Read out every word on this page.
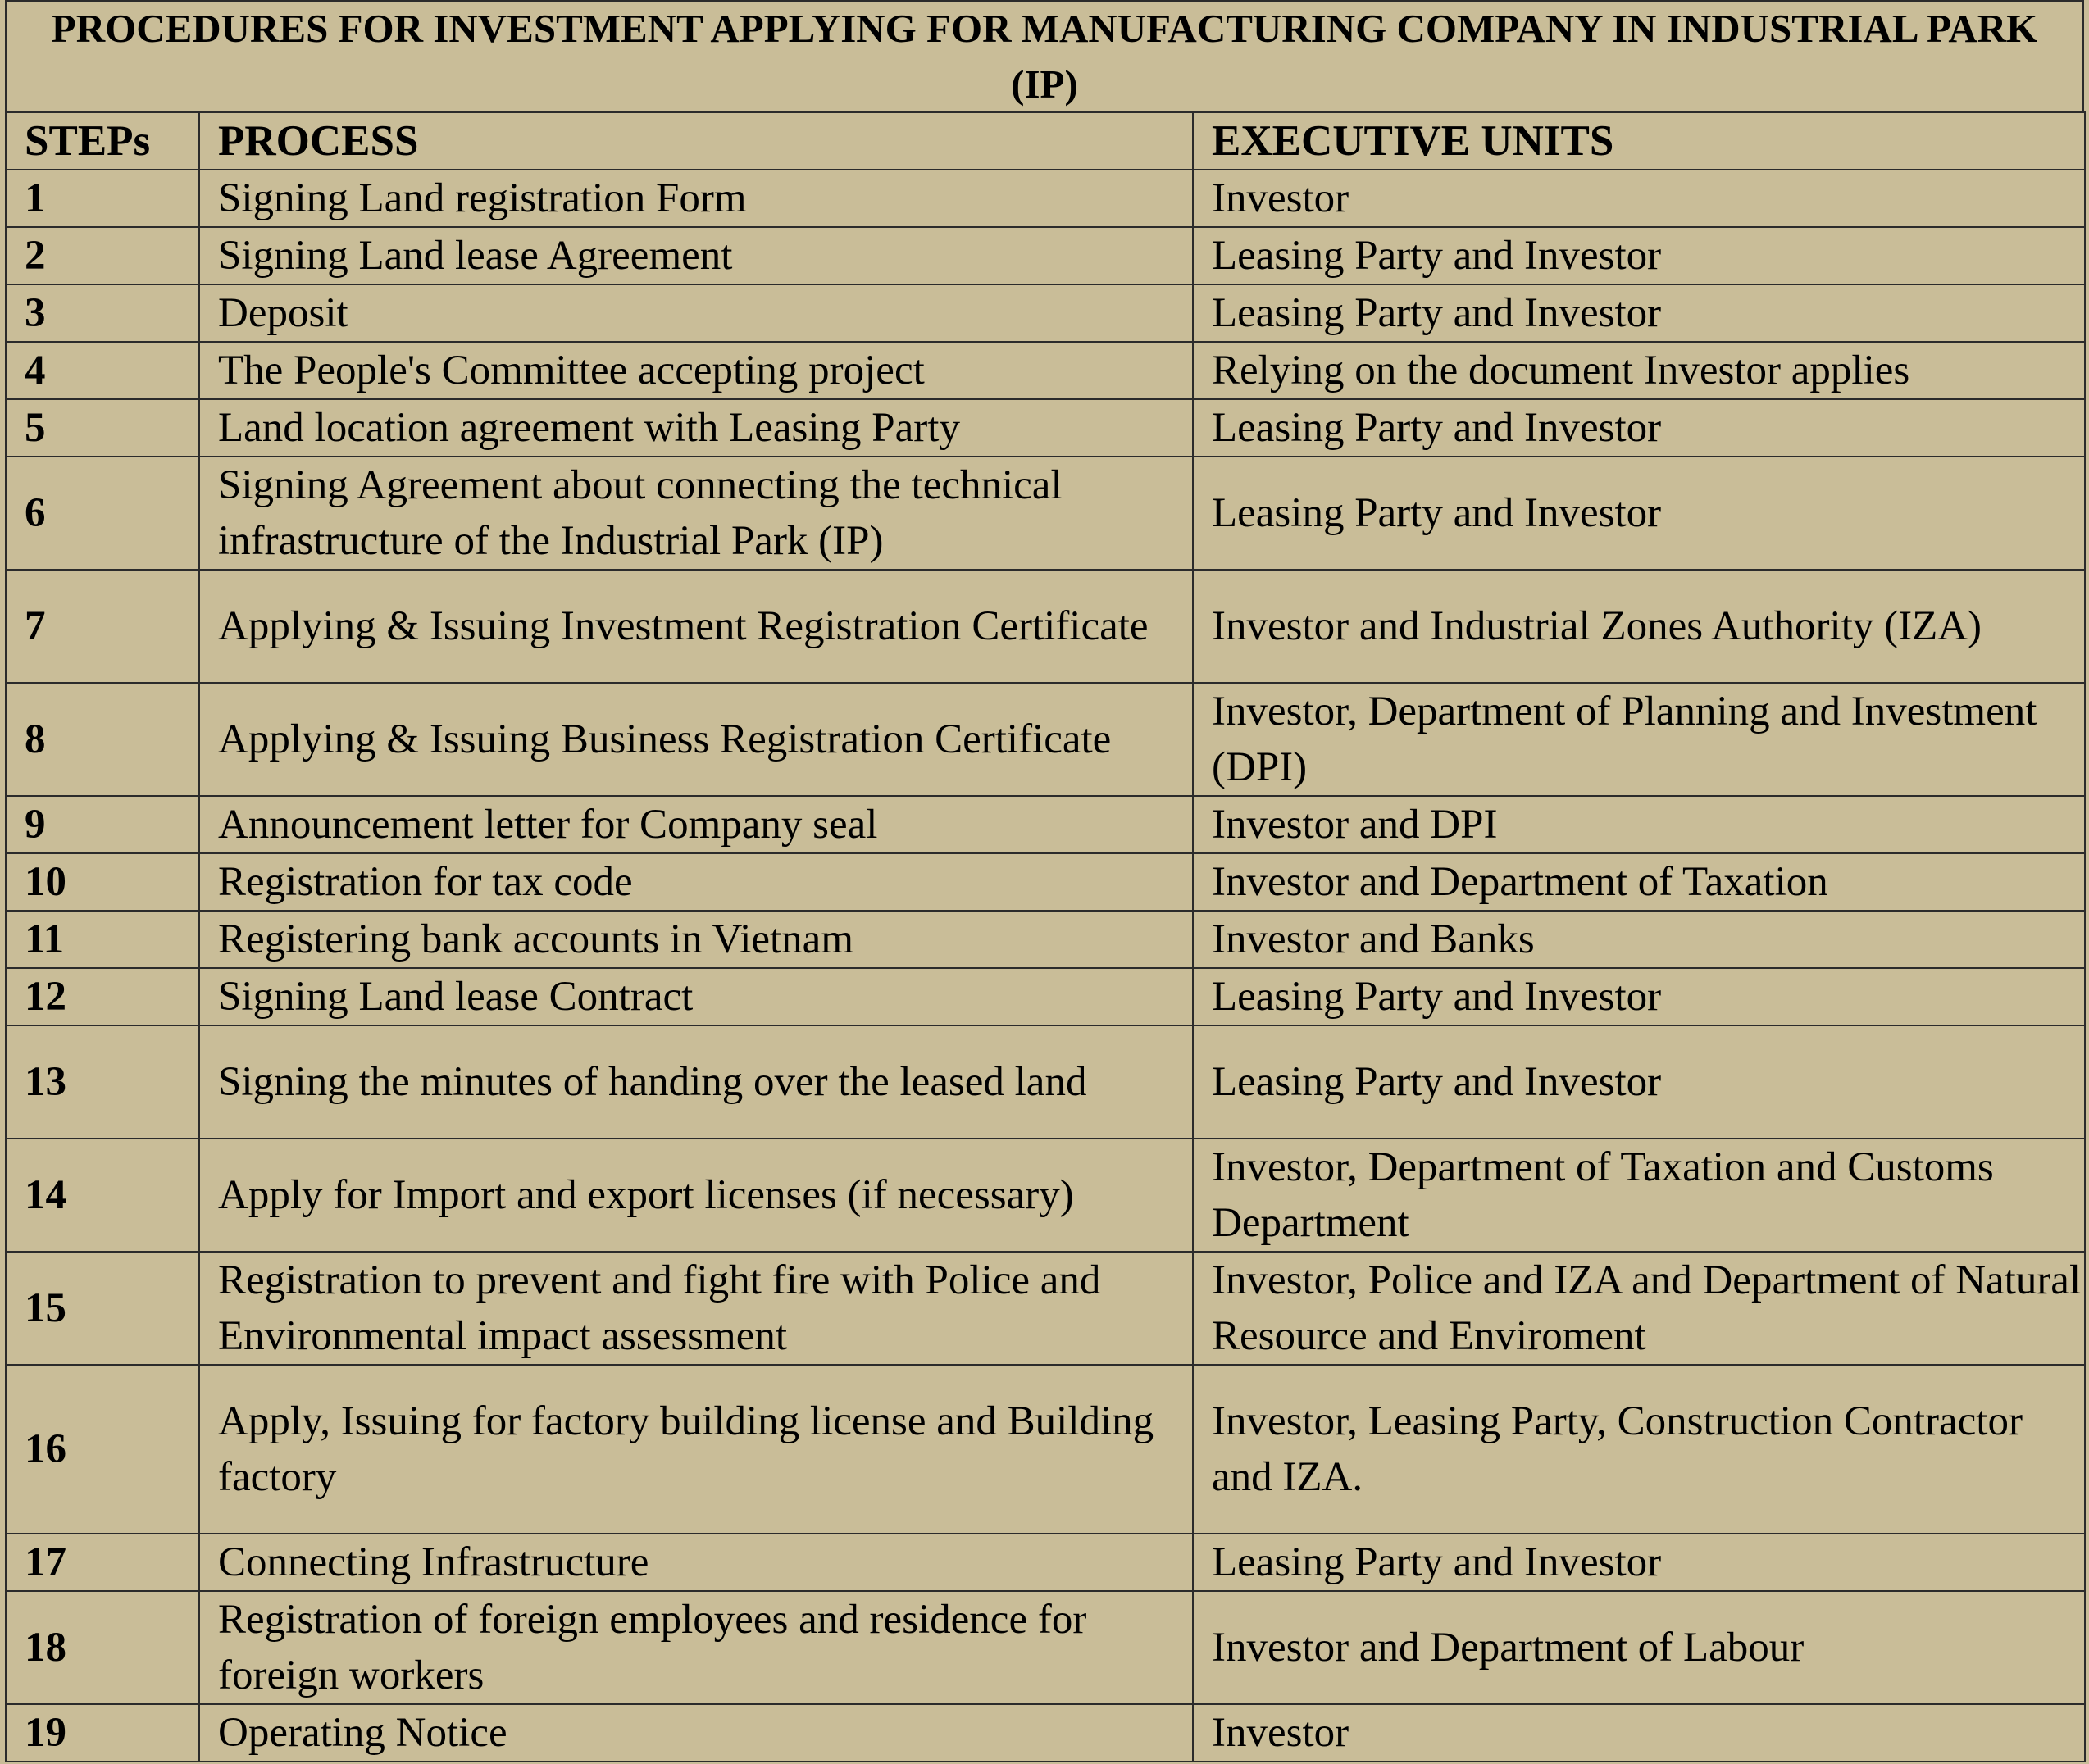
PROCEDURES FOR INVESTMENT APPLYING FOR MANUFACTURING COMPANY IN INDUSTRIAL PARK (IP)
STEPs	PROCESS	EXECUTIVE UNITS
1	Signing Land registration Form	Investor
2	Signing Land lease Agreement	Leasing Party and Investor
3	Deposit	Leasing Party and Investor
4	The People's Committee accepting project	Relying on the document Investor applies
5	Land location agreement with Leasing Party	Leasing Party and Investor
6	Signing Agreement about connecting the technical infrastructure of the Industrial Park (IP)	Leasing Party and Investor
7	Applying & Issuing Investment Registration Certificate	Investor and Industrial Zones Authority (IZA)
8	Applying & Issuing Business Registration Certificate	Investor, Department of Planning and Investment (DPI)
9	Announcement letter for Company seal	Investor and DPI
10	Registration for tax code	Investor and Department of Taxation
11	Registering bank accounts in Vietnam	Investor and Banks
12	Signing Land lease Contract	Leasing Party and Investor
13	Signing the minutes of handing over the leased land	Leasing Party and Investor
14	Apply for Import and export licenses (if necessary)	Investor, Department of Taxation and Customs Department
15	Registration to prevent and fight fire with Police and Environmental impact assessment	Investor, Police and IZA and Department of Natural Resource and Enviroment
16	Apply, Issuing for factory building license and Building factory	Investor, Leasing Party, Construction Contractor
and IZA.

17	Connecting Infrastructure	Leasing Party and Investor
18	Registration of foreign employees and residence for foreign workers	Investor and Department of Labour
19	Operating Notice	Investor
